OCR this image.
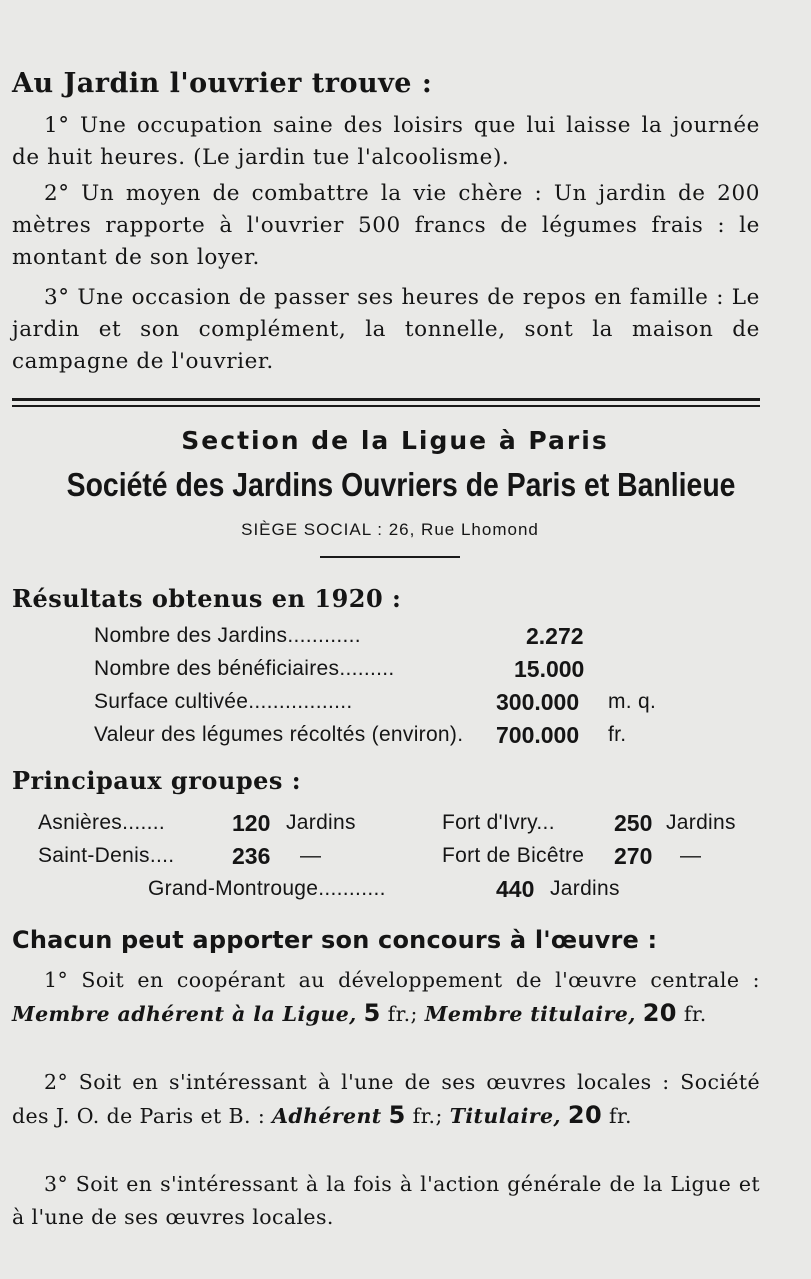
Au Jardin l'ouvrier trouve :
1° Une occupation saine des loisirs que lui laisse la journée de huit heures. (Le jardin tue l'alcoolisme).
2° Un moyen de combattre la vie chère : Un jardin de 200 mètres rapporte à l'ouvrier 500 francs de légumes frais : le montant de son loyer.
3° Une occasion de passer ses heures de repos en famille : Le jardin et son complément, la tonnelle, sont la maison de campagne de l'ouvrier.
Section de la Ligue à Paris
Société des Jardins Ouvriers de Paris et Banlieue
SIÈGE SOCIAL : 26, Rue Lhomond
Résultats obtenus en 1920 :
Nombre des Jardins............	2.272
Nombre des bénéficiaires.........	15.000
Surface cultivée.................	300.000 m. q.
Valeur des légumes récoltés (environ). 700.000 fr.
Principaux groupes :
Asnières.......	120 Jardins	Fort d'Ivry...	250 Jardins
Saint-Denis....	236 —	Fort de Bicêtre 270 —
Grand-Montrouge...........	440 Jardins
Chacun peut apporter son concours à l'œuvre :
1° Soit en coopérant au développement de l'œuvre centrale : Membre adhérent à la Ligue, 5 fr.; Membre titulaire, 20 fr.
2° Soit en s'intéressant à l'une de ses œuvres locales : Société des J. O. de Paris et B. : Adhérent 5 fr.; Titulaire, 20 fr.
3° Soit en s'intéressant à la fois à l'action générale de la Ligue et à l'une de ses œuvres locales.
